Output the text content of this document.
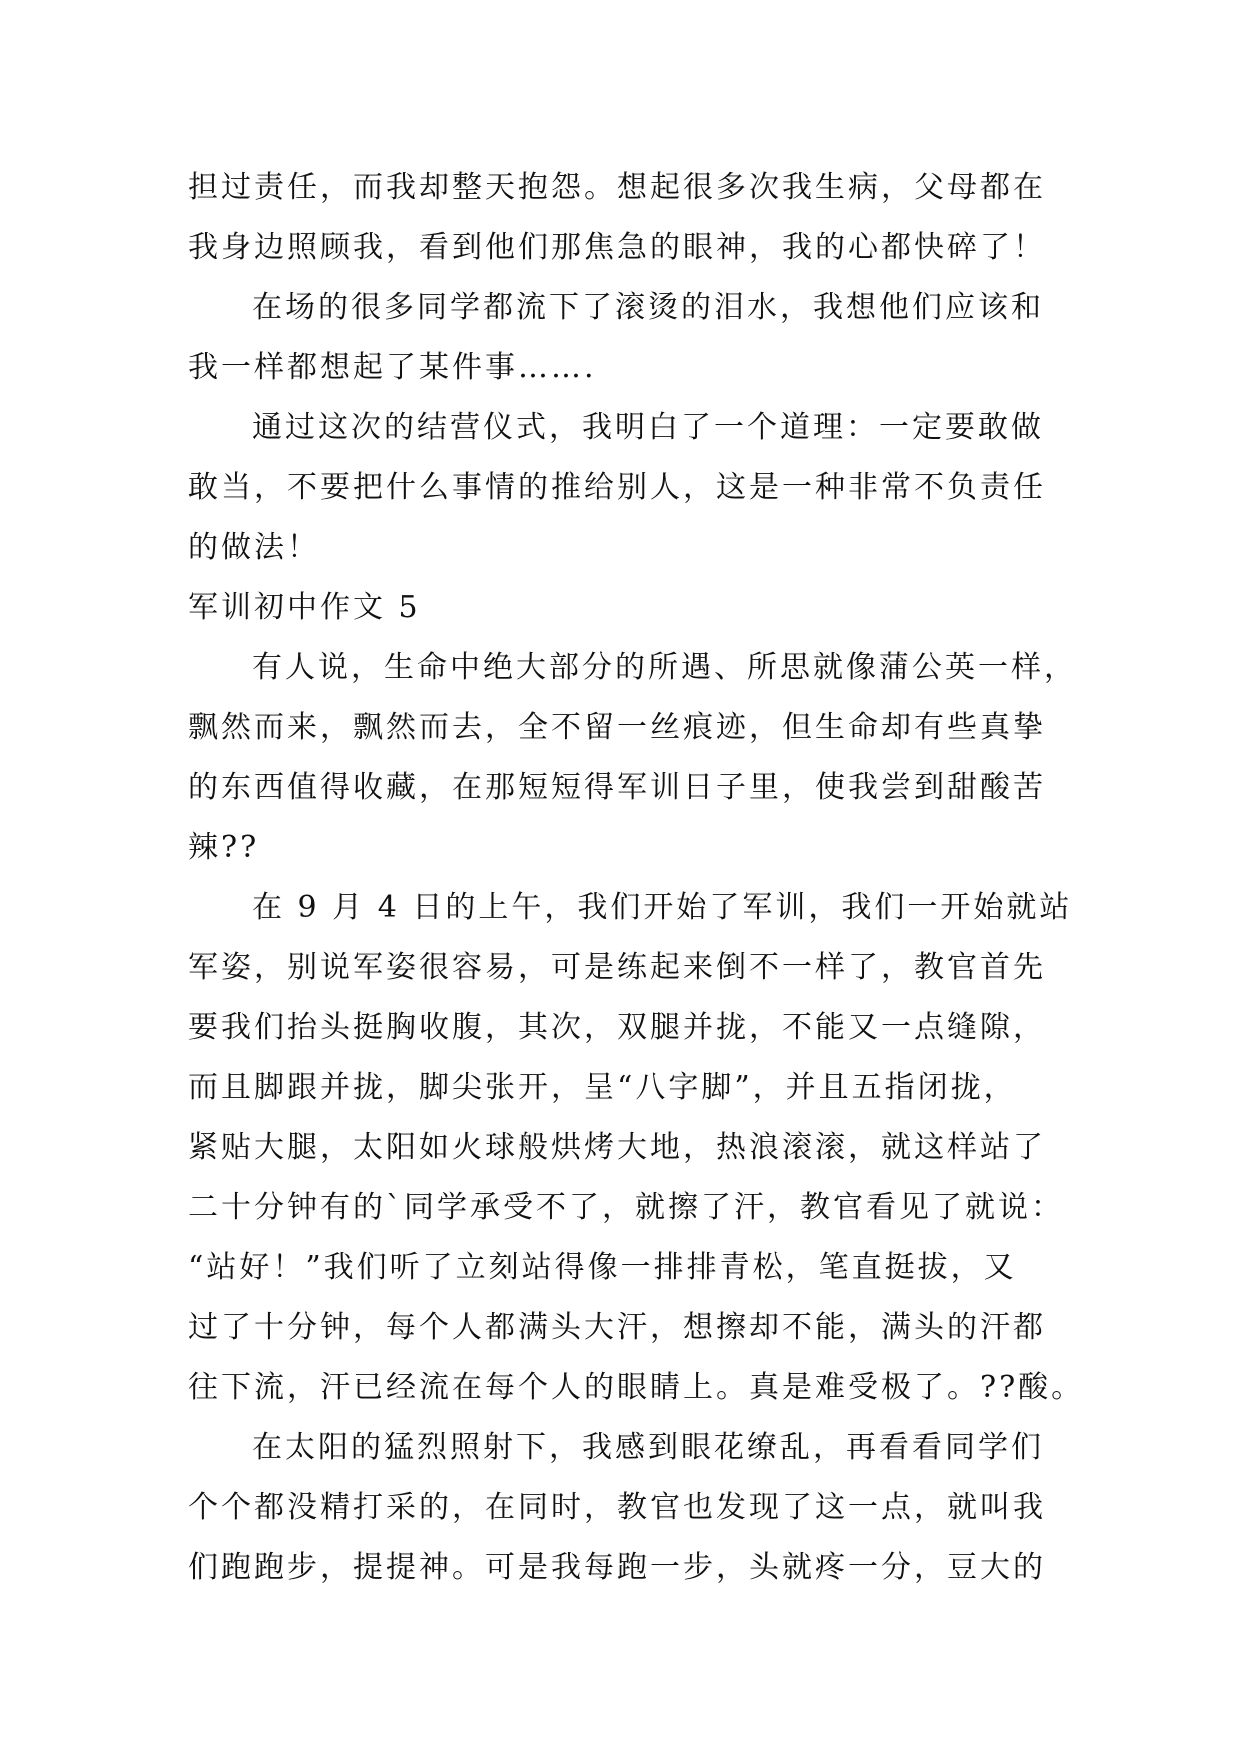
担过责任，而我却整天抱怨。想起很多次我生病，父母都在
我身边照顾我，看到他们那焦急的眼神，我的心都快碎了！
在场的很多同学都流下了滚烫的泪水，我想他们应该和
我一样都想起了某件事…….
通过这次的结营仪式，我明白了一个道理：一定要敢做
敢当，不要把什么事情的推给别人，这是一种非常不负责任
的做法！
军训初中作文 5
有人说，生命中绝大部分的所遇、所思就像蒲公英一样，
飘然而来，飘然而去，全不留一丝痕迹，但生命却有些真挚
的东西值得收藏，在那短短得军训日子里，使我尝到甜酸苦
辣??
在 9 月 4 日的上午，我们开始了军训，我们一开始就站
军姿，别说军姿很容易，可是练起来倒不一样了，教官首先
要我们抬头挺胸收腹，其次，双腿并拢，不能又一点缝隙，
而且脚跟并拢，脚尖张开，呈“八字脚”，并且五指闭拢，
紧贴大腿，太阳如火球般烘烤大地，热浪滚滚，就这样站了
二十分钟有的`同学承受不了，就擦了汗，教官看见了就说：
“站好！”我们听了立刻站得像一排排青松，笔直挺拔，又
过了十分钟，每个人都满头大汗，想擦却不能，满头的汗都
往下流，汗已经流在每个人的眼睛上。真是难受极了。??酸。
在太阳的猛烈照射下，我感到眼花缭乱，再看看同学们
个个都没精打采的，在同时，教官也发现了这一点，就叫我
们跑跑步，提提神。可是我每跑一步，头就疼一分，豆大的
